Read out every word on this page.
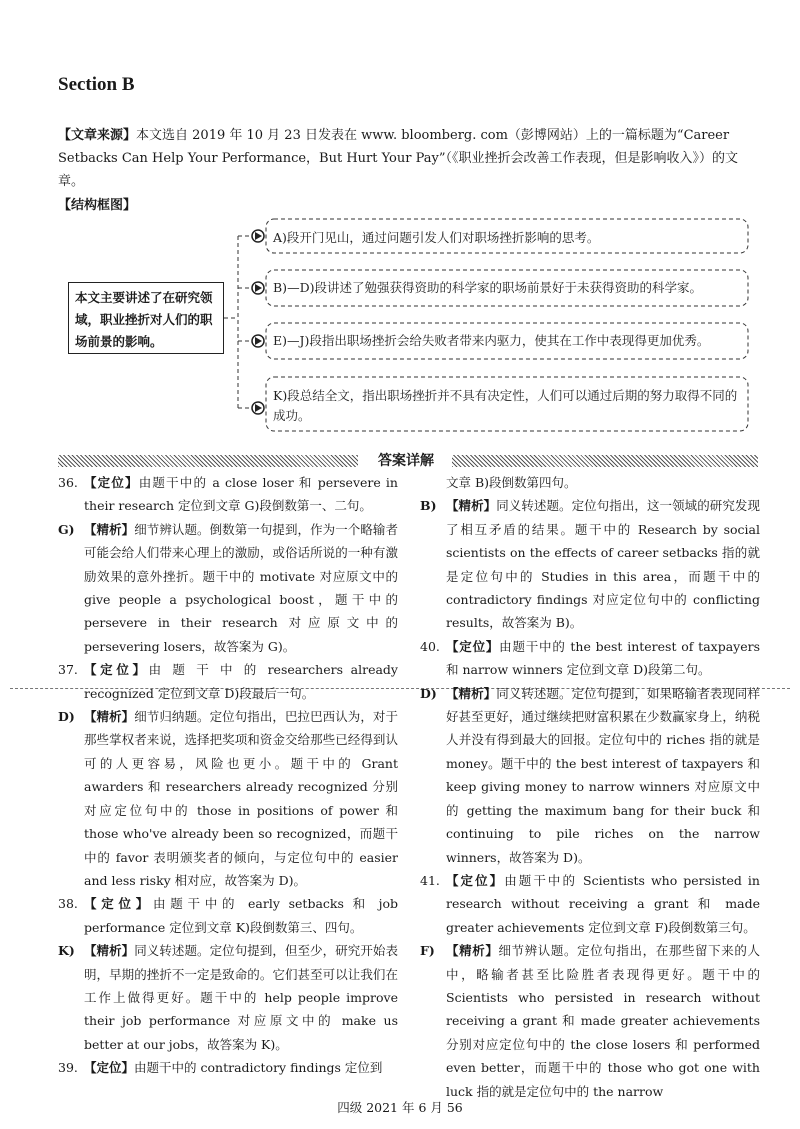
Section B
【文章来源】本文选自 2019 年 10 月 23 日发表在 www. bloomberg. com（彭博网站）上的一篇标题为“Career Setbacks Can Help Your Performance，But Hurt Your Pay”（《职业挫折会改善工作表现，但是影响收入》）的文章。
【结构框图】
本文主要讲述了在研究领域，职业挫折对人们的职场前景的影响。
A)段开门见山，通过问题引发人们对职场挫折影响的思考。
B)—D)段讲述了勉强获得资助的科学家的职场前景好于未获得资助的科学家。
E)—J)段指出职场挫折会给失败者带来内驱力，使其在工作中表现得更加优秀。
K)段总结全文，指出职场挫折并不具有决定性，人们可以通过后期的努力取得不同的成功。
答案详解
36. 【定位】由题干中的 a close loser 和 persevere in their research 定位到文章 G)段倒数第一、二句。
G) 【精析】细节辨认题。倒数第一句提到，作为一个略输者可能会给人们带来心理上的激励，或俗话所说的一种有激励效果的意外挫折。题干中的 motivate 对应原文中的 give people a psychological boost，题干中的 persevere in their research 对应原文中的 persevering losers，故答案为 G)。
37. 【定位】由 题 干 中 的 researchers already recognized 定位到文章 D)段最后一句。
D) 【精析】细节归纳题。定位句指出，巴拉巴西认为，对于那些掌权者来说，选择把奖项和资金交给那些已经得到认可的人更容易，风险也更小。题干中的 Grant awarders 和 researchers already recognized 分别对应定位句中的 those in positions of power 和 those who've already been so recognized，而题干中的 favor 表明颁奖者的倾向，与定位句中的 easier and less risky 相对应，故答案为 D)。
38. 【定位】由题干中的 early setbacks 和 job performance 定位到文章 K)段倒数第三、四句。
K) 【精析】同义转述题。定位句提到，但至少，研究开始表明，早期的挫折不一定是致命的。它们甚至可以让我们在工作上做得更好。题干中的 help people improve their job performance 对应原文中的 make us better at our jobs，故答案为 K)。
39. 【定位】由题干中的 contradictory findings 定位到
文章 B)段倒数第四句。
B) 【精析】同义转述题。定位句指出，这一领域的研究发现了相互矛盾的结果。题干中的 Research by social scientists on the effects of career setbacks 指的就是定位句中的 Studies in this area，而题干中的 contradictory findings 对应定位句中的 conflicting results，故答案为 B)。
40. 【定位】由题干中的 the best interest of taxpayers 和 narrow winners 定位到文章 D)段第二句。
D) 【精析】同义转述题。定位句提到，如果略输者表现同样好甚至更好，通过继续把财富积累在少数赢家身上，纳税人并没有得到最大的回报。定位句中的 riches 指的就是 money。题干中的 the best interest of taxpayers 和 keep giving money to narrow winners 对应原文中的 getting the maximum bang for their buck 和 continuing to pile riches on the narrow winners，故答案为 D)。
41. 【定位】由题干中的 Scientists who persisted in research without receiving a grant 和 made greater achievements 定位到文章 F)段倒数第三句。
F) 【精析】细节辨认题。定位句指出，在那些留下来的人中，略输者甚至比险胜者表现得更好。题干中的 Scientists who persisted in research without receiving a grant 和 made greater achievements 分别对应定位句中的 the close losers 和 performed even better，而题干中的 those who got one with luck 指的就是定位句中的 the narrow
四级 2021 年 6 月 56
